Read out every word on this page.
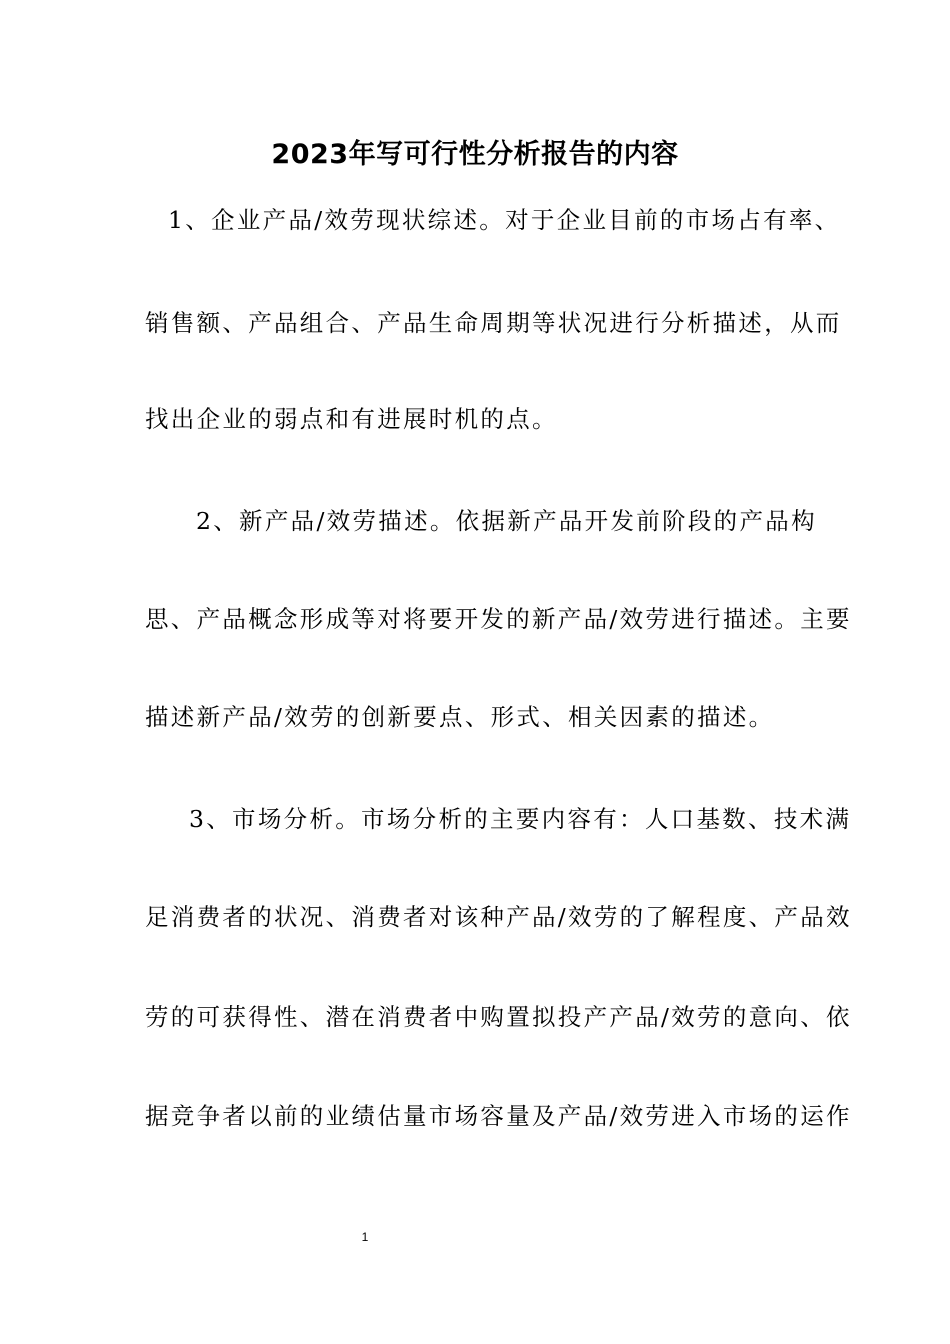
2023年写可行性分析报告的内容
1、企业产品/效劳现状综述。对于企业目前的市场占有率、
销售额、产品组合、产品生命周期等状况进行分析描述，从而
找出企业的弱点和有进展时机的点。
2、新产品/效劳描述。依据新产品开发前阶段的产品构
思、产品概念形成等对将要开发的新产品/效劳进行描述。主要
描述新产品/效劳的创新要点、形式、相关因素的描述。
3、市场分析。市场分析的主要内容有：人口基数、技术满
足消费者的状况、消费者对该种产品/效劳的了解程度、产品效
劳的可获得性、潜在消费者中购置拟投产产品/效劳的意向、依
据竞争者以前的业绩估量市场容量及产品/效劳进入市场的运作
1
